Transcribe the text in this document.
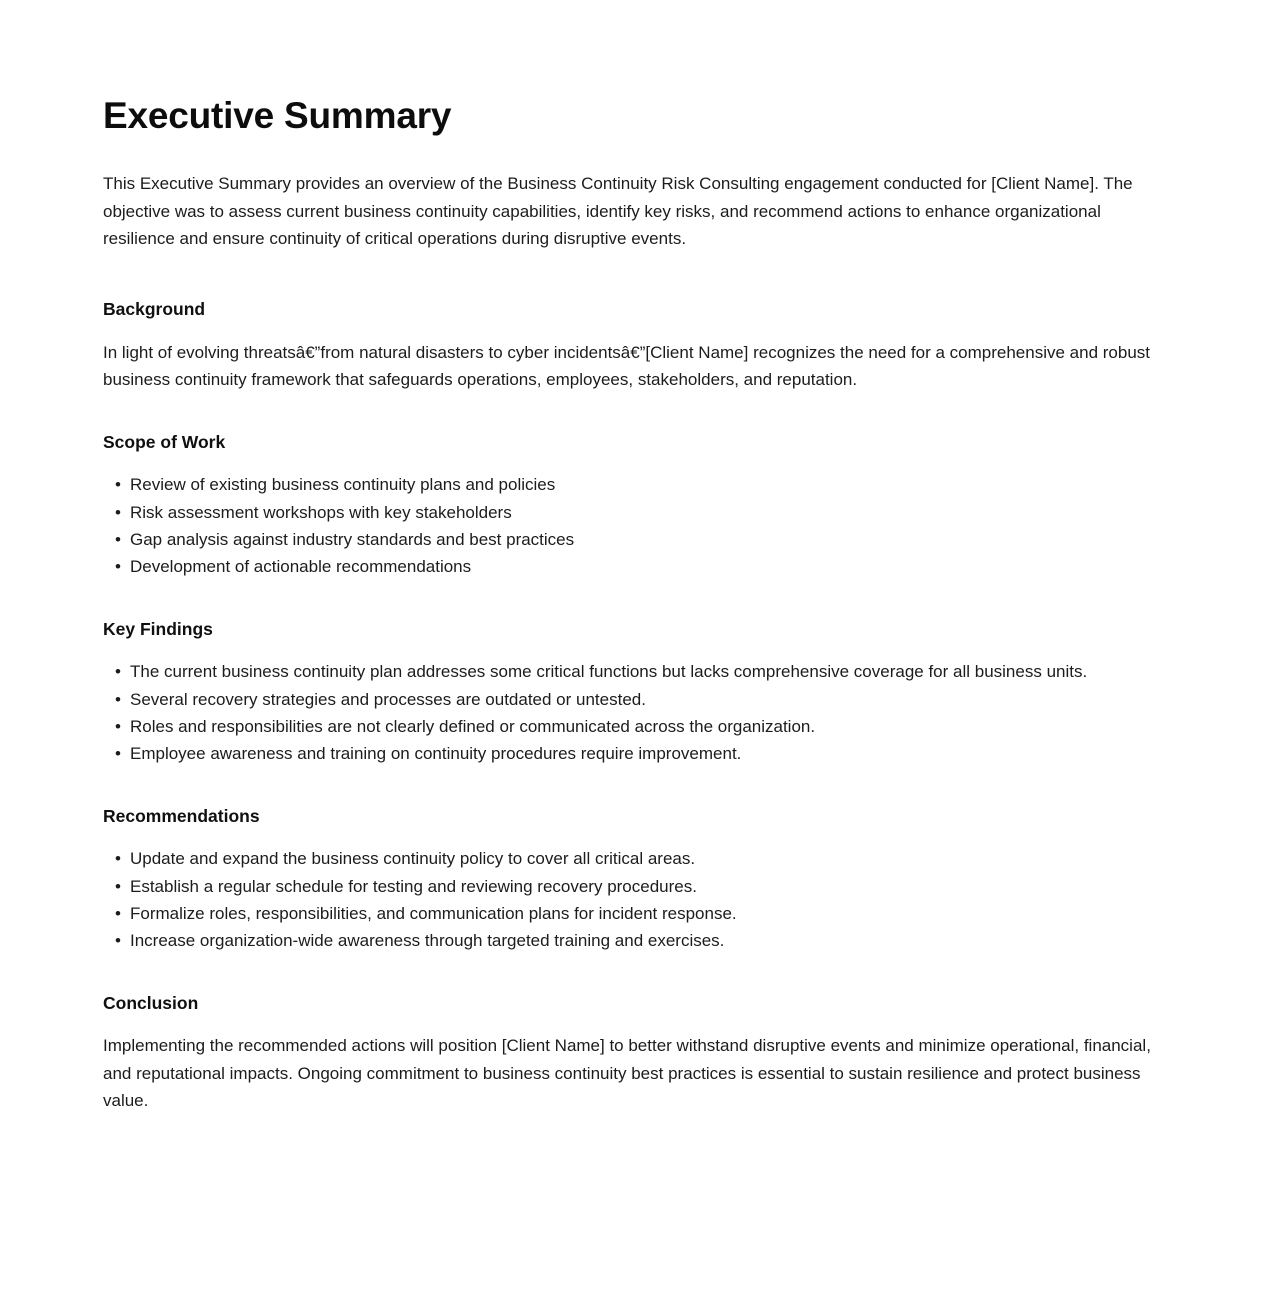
Executive Summary

This Executive Summary provides an overview of the Business Continuity Risk Consulting engagement conducted for [Client Name]. The objective was to assess current business continuity capabilities, identify key risks, and recommend actions to enhance organizational resilience and ensure continuity of critical operations during disruptive events.

Background

In light of evolving threatsâ€”from natural disasters to cyber incidentsâ€”[Client Name] recognizes the need for a comprehensive and robust business continuity framework that safeguards operations, employees, stakeholders, and reputation.

Scope of Work
• Review of existing business continuity plans and policies
• Risk assessment workshops with key stakeholders
• Gap analysis against industry standards and best practices
• Development of actionable recommendations
Key Findings
• The current business continuity plan addresses some critical functions but lacks comprehensive coverage for all business units.
• Several recovery strategies and processes are outdated or untested.
• Roles and responsibilities are not clearly defined or communicated across the organization.
• Employee awareness and training on continuity procedures require improvement.
Recommendations
• Update and expand the business continuity policy to cover all critical areas.
• Establish a regular schedule for testing and reviewing recovery procedures.
• Formalize roles, responsibilities, and communication plans for incident response.
• Increase organization-wide awareness through targeted training and exercises.
Conclusion

Implementing the recommended actions will position [Client Name] to better withstand disruptive events and minimize operational, financial, and reputational impacts. Ongoing commitment to business continuity best practices is essential to sustain resilience and protect business value.
